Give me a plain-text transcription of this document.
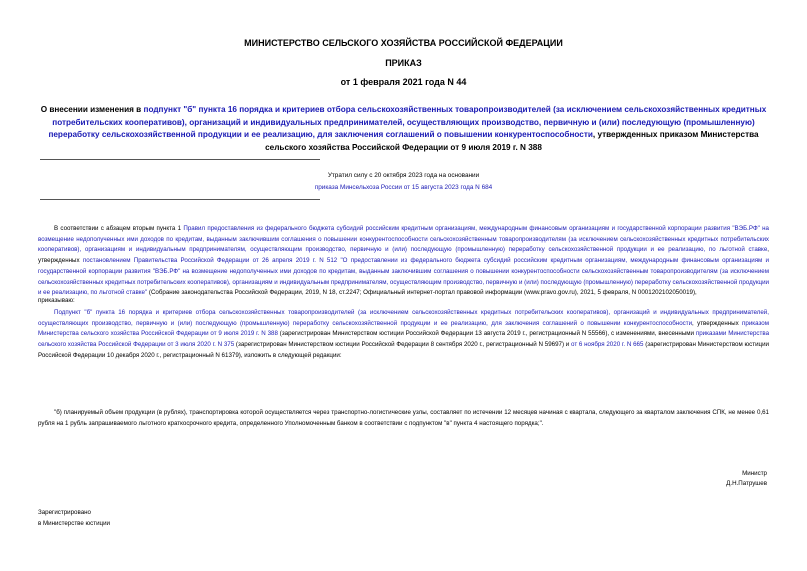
МИНИСТЕРСТВО СЕЛЬСКОГО ХОЗЯЙСТВА РОССИЙСКОЙ ФЕДЕРАЦИИ
ПРИКАЗ
от 1 февраля 2021 года N 44
О внесении изменения в подпункт "б" пункта 16 порядка и критериев отбора сельскохозяйственных товаропроизводителей (за исключением сельскохозяйственных кредитных потребительских кооперативов), организаций и индивидуальных предпринимателей, осуществляющих производство, первичную и (или) последующую (промышленную) переработку сельскохозяйственной продукции и ее реализацию, для заключения соглашений о повышении конкурентоспособности, утвержденных приказом Министерства сельского хозяйства Российской Федерации от 9 июля 2019 г. N 388
Утратил силу с 20 октября 2023 года на основании
приказа Минсельхоза России от 15 августа 2023 года N 684
В соответствии с абзацем вторым пункта 1 Правил предоставления из федерального бюджета субсидий российским кредитным организациям, международным финансовым организациям и государственной корпорации развития "ВЭБ.РФ" на возмещение недополученных ими доходов по кредитам, выданным заключившим соглашения о повышении конкурентоспособности сельскохозяйственным товаропроизводителям (за исключением сельскохозяйственных кредитных потребительских кооперативов), организациям и индивидуальным предпринимателям, осуществляющим производство, первичную и (или) последующую (промышленную) переработку сельскохозяйственной продукции и ее реализацию, по льготной ставке, утвержденных постановлением Правительства Российской Федерации от 26 апреля 2019 г. N 512 "О предоставлении из федерального бюджета субсидий российским кредитным организациям, международным финансовым организациям и государственной корпорации развития "ВЭБ.РФ" на возмещение недополученных ими доходов по кредитам, выданным заключившим соглашения о повышении конкурентоспособности сельскохозяйственным товаропроизводителям (за исключением сельскохозяйственных кредитных потребительских кооперативов), организациям и индивидуальным предпринимателям, осуществляющим производство, первичную и (или) последующую (промышленную) переработку сельскохозяйственной продукции и ее реализацию, по льготной ставке" (Собрание законодательства Российской Федерации, 2019, N 18, ст.2247; Официальный интернет-портал правовой информации (www.pravo.gov.ru), 2021, 5 февраля, N 0001202102050019),
приказываю:
Подпункт "б" пункта 16 порядка и критериев отбора сельскохозяйственных товаропроизводителей (за исключением сельскохозяйственных кредитных потребительских кооперативов), организаций и индивидуальных предпринимателей, осуществляющих производство, первичную и (или) последующую (промышленную) переработку сельскохозяйственной продукции и ее реализацию, для заключения соглашений о повышении конкурентоспособности, утвержденных приказом Министерства сельского хозяйства Российской Федерации от 9 июля 2019 г. N 388 (зарегистрирован Министерством юстиции Российской Федерации 13 августа 2019 г., регистрационный N 55566), с изменениями, внесенными приказами Министерства сельского хозяйства Российской Федерации от 3 июля 2020 г. N 375 (зарегистрирован Министерством юстиции Российской Федерации 8 сентября 2020 г., регистрационный N 59697) и от 6 ноября 2020 г. N 665 (зарегистрирован Министерством юстиции Российской Федерации 10 декабря 2020 г., регистрационный N 61379), изложить в следующей редакции:
"б) планируемый объем продукции (в рублях), транспортировка которой осуществляется через транспортно-логистические узлы, составляет по истечении 12 месяцев начиная с квартала, следующего за кварталом заключения СПК, не менее 0,61 рубля на 1 рубль запрашиваемого льготного краткосрочного кредита, определенного Уполномоченным банком в соответствии с подпунктом "в" пункта 4 настоящего порядка;".
Министр
Д.Н.Патрушев
Зарегистрировано
в Министерстве юстиции
